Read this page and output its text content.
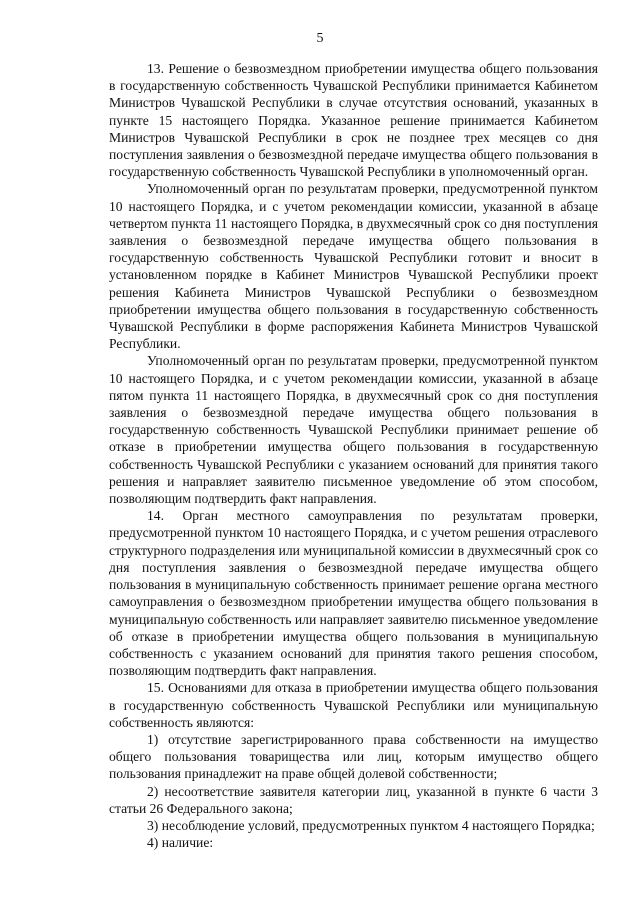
5

13. Решение о безвозмездном приобретении имущества общего пользования в государственную собственность Чувашской Республики принимается Кабинетом Министров Чувашской Республики в случае отсутствия оснований, указанных в пункте 15 настоящего Порядка. Указанное решение принимается Кабинетом Министров Чувашской Республики в срок не позднее трех месяцев со дня поступления заявления о безвозмездной передаче имущества общего пользования в государственную собственность Чувашской Республики в уполномоченный орган.

Уполномоченный орган по результатам проверки, предусмотренной пунктом 10 настоящего Порядка, и с учетом рекомендации комиссии, указанной в абзаце четвертом пункта 11 настоящего Порядка, в двухмесячный срок со дня поступления заявления о безвозмездной передаче имущества общего пользования в государственную собственность Чувашской Республики готовит и вносит в установленном порядке в Кабинет Министров Чувашской Республики проект решения Кабинета Министров Чувашской Республики о безвозмездном приобретении имущества общего пользования в государственную собственность Чувашской Республики в форме распоряжения Кабинета Министров Чувашской Республики.

Уполномоченный орган по результатам проверки, предусмотренной пунктом 10 настоящего Порядка, и с учетом рекомендации комиссии, указанной в абзаце пятом пункта 11 настоящего Порядка, в двухмесячный срок со дня поступления заявления о безвозмездной передаче имущества общего пользования в государственную собственность Чувашской Республики принимает решение об отказе в приобретении имущества общего пользования в государственную собственность Чувашской Республики с указанием оснований для принятия такого решения и направляет заявителю письменное уведомление об этом способом, позволяющим подтвердить факт направления.

14. Орган местного самоуправления по результатам проверки, предусмотренной пунктом 10 настоящего Порядка, и с учетом решения отраслевого структурного подразделения или муниципальной комиссии в двухмесячный срок со дня поступления заявления о безвозмездной передаче имущества общего пользования в муниципальную собственность принимает решение органа местного самоуправления о безвозмездном приобретении имущества общего пользования в муниципальную собственность или направляет заявителю письменное уведомление об отказе в приобретении имущества общего пользования в муниципальную собственность с указанием оснований для принятия такого решения способом, позволяющим подтвердить факт направления.

15. Основаниями для отказа в приобретении имущества общего пользования в государственную собственность Чувашской Республики или муниципальную собственность являются:

1) отсутствие зарегистрированного права собственности на имущество общего пользования товарищества или лиц, которым имущество общего пользования принадлежит на праве общей долевой собственности;

2) несоответствие заявителя категории лиц, указанной в пункте 6 части 3 статьи 26 Федерального закона;

3) несоблюдение условий, предусмотренных пунктом 4 настоящего Порядка;

4) наличие:
